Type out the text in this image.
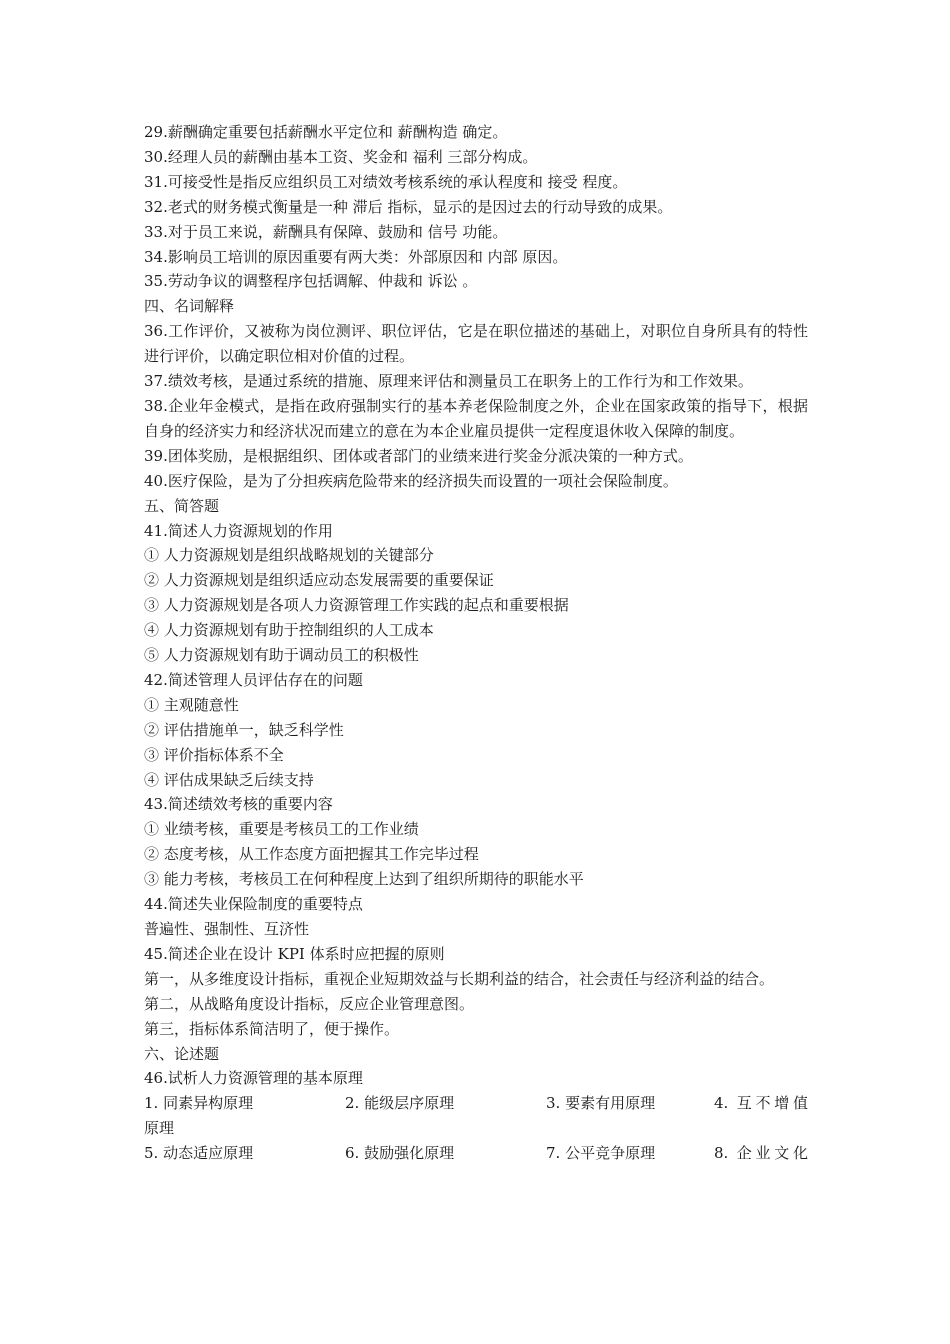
29.薪酬确定重要包括薪酬水平定位和 薪酬构造 确定。

30.经理人员的薪酬由基本工资、奖金和 福利 三部分构成。

31.可接受性是指反应组织员工对绩效考核系统的承认程度和 接受 程度。

32.老式的财务模式衡量是一种 滞后 指标，显示的是因过去的行动导致的成果。

33.对于员工来说，薪酬具有保障、鼓励和 信号 功能。

34.影响员工培训的原因重要有两大类：外部原因和 内部 原因。

35.劳动争议的调整程序包括调解、仲裁和 诉讼 。

四、名词解释

36.工作评价，又被称为岗位测评、职位评估，它是在职位描述的基础上，对职位自身所具有的特性进行评价，以确定职位相对价值的过程。

37.绩效考核，是通过系统的措施、原理来评估和测量员工在职务上的工作行为和工作效果。

38.企业年金模式，是指在政府强制实行的基本养老保险制度之外，企业在国家政策的指导下，根据自身的经济实力和经济状况而建立的意在为本企业雇员提供一定程度退休收入保障的制度。

39.团体奖励，是根据组织、团体或者部门的业绩来进行奖金分派决策的一种方式。

40.医疗保险，是为了分担疾病危险带来的经济损失而设置的一项社会保险制度。

五、简答题

41.简述人力资源规划的作用

① 人力资源规划是组织战略规划的关键部分

② 人力资源规划是组织适应动态发展需要的重要保证

③ 人力资源规划是各项人力资源管理工作实践的起点和重要根据

④ 人力资源规划有助于控制组织的人工成本

⑤ 人力资源规划有助于调动员工的积极性

42.简述管理人员评估存在的问题

① 主观随意性

② 评估措施单一，缺乏科学性

③ 评价指标体系不全

④ 评估成果缺乏后续支持

43.简述绩效考核的重要内容

① 业绩考核，重要是考核员工的工作业绩

② 态度考核，从工作态度方面把握其工作完毕过程

③ 能力考核，考核员工在何种程度上达到了组织所期待的职能水平

44.简述失业保险制度的重要特点

普遍性、强制性、互济性

45.简述企业在设计 KPI 体系时应把握的原则

第一，从多维度设计指标，重视企业短期效益与长期利益的结合，社会责任与经济利益的结合。

第二，从战略角度设计指标，反应企业管理意图。

第三，指标体系简洁明了，便于操作。

六、论述题

46.试析人力资源管理的基本原理

1. 同素异构原理	2. 能级层序原理	3. 要素有用原理	4. 互不增值

原理

5. 动态适应原理	6. 鼓励强化原理	7. 公平竞争原理	8. 企业文化
